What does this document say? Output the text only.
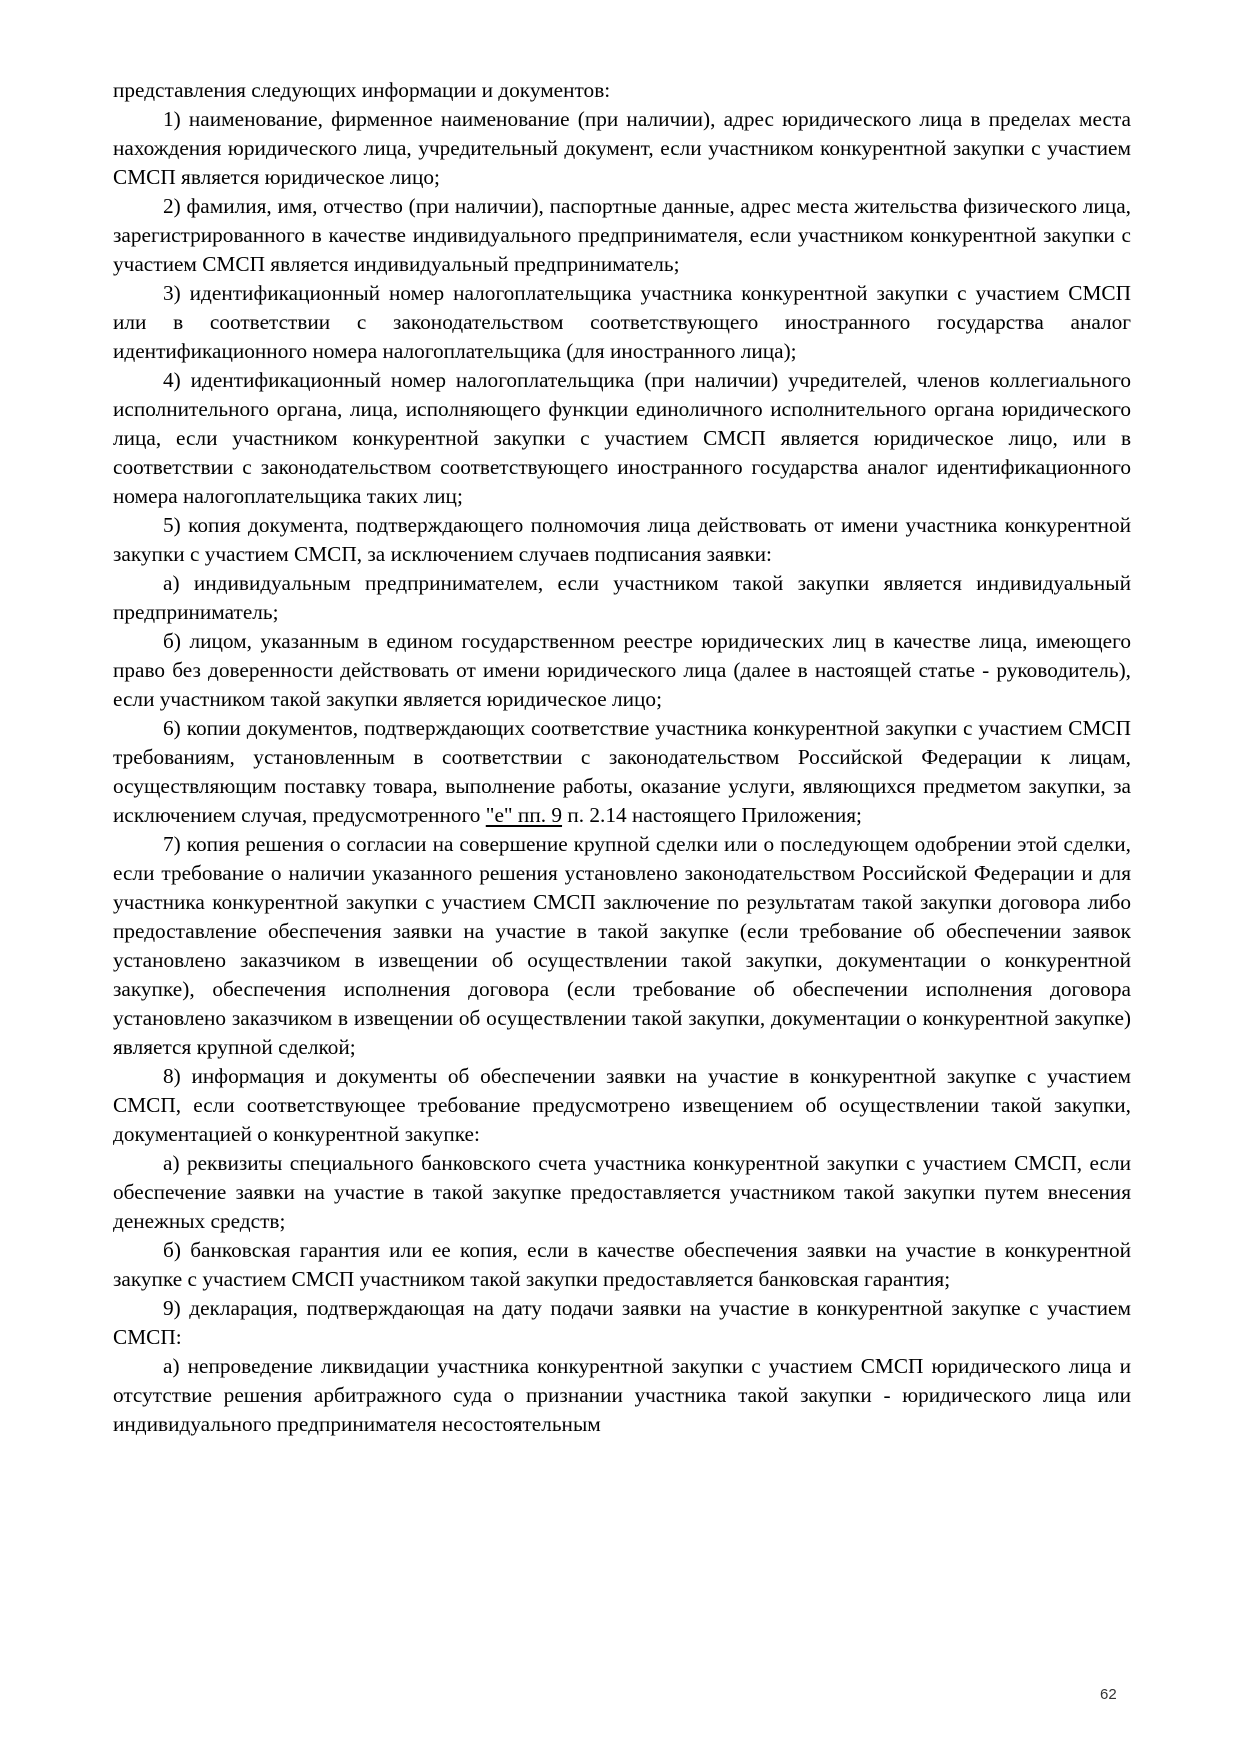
представления следующих информации и документов:

1) наименование, фирменное наименование (при наличии), адрес юридического лица в пределах места нахождения юридического лица, учредительный документ, если участником конкурентной закупки с участием СМСП является юридическое лицо;

2) фамилия, имя, отчество (при наличии), паспортные данные, адрес места жительства физического лица, зарегистрированного в качестве индивидуального предпринимателя, если участником конкурентной закупки с участием СМСП является индивидуальный предприниматель;

3) идентификационный номер налогоплательщика участника конкурентной закупки с участием СМСП или в соответствии с законодательством соответствующего иностранного государства аналог идентификационного номера налогоплательщика (для иностранного лица);

4) идентификационный номер налогоплательщика (при наличии) учредителей, членов коллегиального исполнительного органа, лица, исполняющего функции единоличного исполнительного органа юридического лица, если участником конкурентной закупки с участием СМСП является юридическое лицо, или в соответствии с законодательством соответствующего иностранного государства аналог идентификационного номера налогоплательщика таких лиц;

5) копия документа, подтверждающего полномочия лица действовать от имени участника конкурентной закупки с участием СМСП, за исключением случаев подписания заявки:

а) индивидуальным предпринимателем, если участником такой закупки является индивидуальный предприниматель;

б) лицом, указанным в едином государственном реестре юридических лиц в качестве лица, имеющего право без доверенности действовать от имени юридического лица (далее в настоящей статье - руководитель), если участником такой закупки является юридическое лицо;

6) копии документов, подтверждающих соответствие участника конкурентной закупки с участием СМСП требованиям, установленным в соответствии с законодательством Российской Федерации к лицам, осуществляющим поставку товара, выполнение работы, оказание услуги, являющихся предметом закупки, за исключением случая, предусмотренного "е" пп. 9 п. 2.14 настоящего Приложения;

7) копия решения о согласии на совершение крупной сделки или о последующем одобрении этой сделки, если требование о наличии указанного решения установлено законодательством Российской Федерации и для участника конкурентной закупки с участием СМСП заключение по результатам такой закупки договора либо предоставление обеспечения заявки на участие в такой закупке (если требование об обеспечении заявок установлено заказчиком в извещении об осуществлении такой закупки, документации о конкурентной закупке), обеспечения исполнения договора (если требование об обеспечении исполнения договора установлено заказчиком в извещении об осуществлении такой закупки, документации о конкурентной закупке) является крупной сделкой;

8) информация и документы об обеспечении заявки на участие в конкурентной закупке с участием СМСП, если соответствующее требование предусмотрено извещением об осуществлении такой закупки, документацией о конкурентной закупке:

а) реквизиты специального банковского счета участника конкурентной закупки с участием СМСП, если обеспечение заявки на участие в такой закупке предоставляется участником такой закупки путем внесения денежных средств;

б) банковская гарантия или ее копия, если в качестве обеспечения заявки на участие в конкурентной закупке с участием СМСП участником такой закупки предоставляется банковская гарантия;

9) декларация, подтверждающая на дату подачи заявки на участие в конкурентной закупке с участием СМСП:

а) непроведение ликвидации участника конкурентной закупки с участием СМСП юридического лица и отсутствие решения арбитражного суда о признании участника такой закупки - юридического лица или индивидуального предпринимателя несостоятельным

62
